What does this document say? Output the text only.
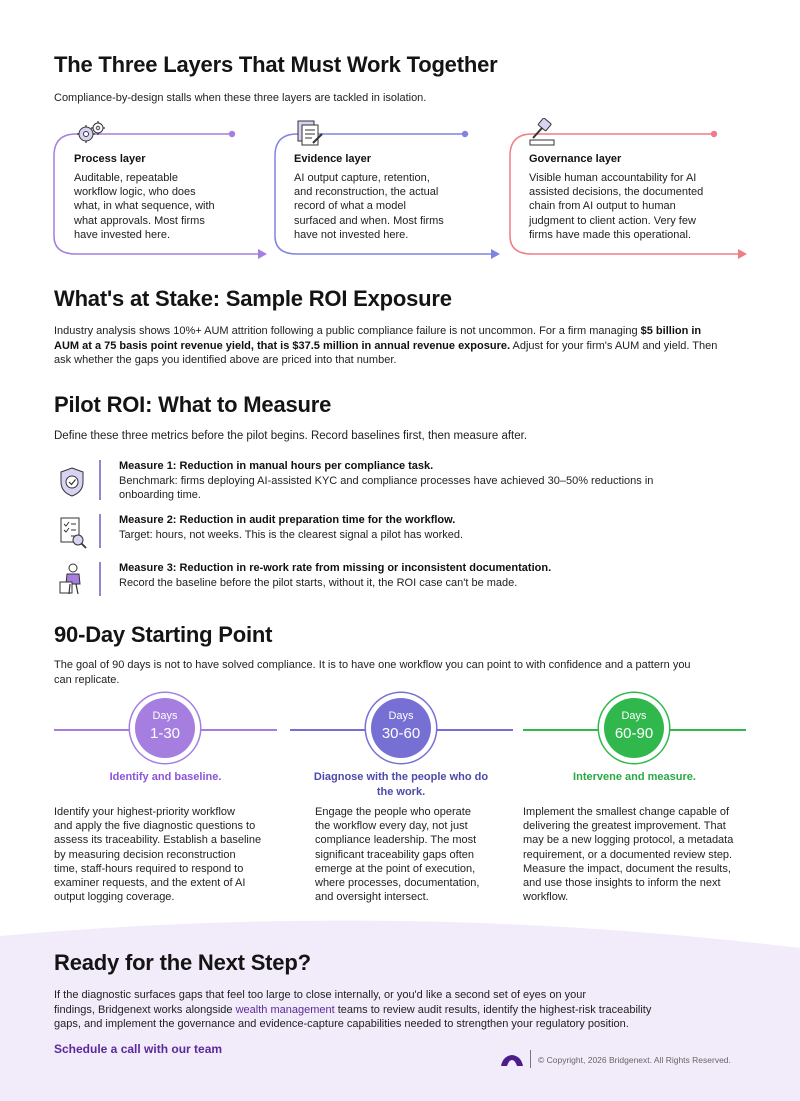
The Three Layers That Must Work Together
Compliance-by-design stalls when these three layers are tackled in isolation.
Process layer
Auditable, repeatable
workflow logic, who does
what, in what sequence, with
what approvals. Most firms
have invested here.
Evidence layer
AI output capture, retention,
and reconstruction, the actual
record of what a model
surfaced and when. Most firms
have not invested here.
Governance layer
Visible human accountability for AI
assisted decisions, the documented
chain from AI output to human
judgment to client action. Very few
firms have made this operational.
What's at Stake: Sample ROI Exposure
Industry analysis shows 10%+ AUM attrition following a public compliance failure is not uncommon. For a firm managing $5 billion in
AUM at a 75 basis point revenue yield, that is $37.5 million in annual revenue exposure. Adjust for your firm's AUM and yield. Then
ask whether the gaps you identified above are priced into that number.
Pilot ROI: What to Measure
Define these three metrics before the pilot begins. Record baselines first, then measure after.
Measure 1: Reduction in manual hours per compliance task.
Benchmark: firms deploying AI-assisted KYC and compliance processes have achieved 30–50% reductions in
onboarding time.
Measure 2: Reduction in audit preparation time for the workflow.
Target: hours, not weeks. This is the clearest signal a pilot has worked.
Measure 3: Reduction in re-work rate from missing or inconsistent documentation.
Record the baseline before the pilot starts, without it, the ROI case can't be made.
90-Day Starting Point
The goal of 90 days is not to have solved compliance. It is to have one workflow you can point to with confidence and a pattern you
can replicate.
Days
1-30
Days
30-60
Days
60-90
Identify and baseline.	Diagnose with the people who do the work.
Intervene and measure.
Identify your highest-priority workflow
and apply the five diagnostic questions to
assess its traceability. Establish a baseline
by measuring decision reconstruction
time, staff-hours required to respond to
examiner requests, and the extent of AI
output logging coverage.
Engage the people who operate
the workflow every day, not just
compliance leadership. The most
significant traceability gaps often
emerge at the point of execution,
where processes, documentation,
and oversight intersect.
Implement the smallest change capable of
delivering the greatest improvement. That
may be a new logging protocol, a metadata
requirement, or a documented review step.
Measure the impact, document the results,
and use those insights to inform the next
workflow.
Ready for the Next Step?
If the diagnostic surfaces gaps that feel too large to close internally, or you'd like a second set of eyes on your
findings, Bridgenext works alongside wealth management teams to review audit results, identify the highest-risk traceability
gaps, and implement the governance and evidence-capture capabilities needed to strengthen your regulatory position.
Schedule a call with our team
© Copyright, 2026 Bridgenext. All Rights Reserved.
